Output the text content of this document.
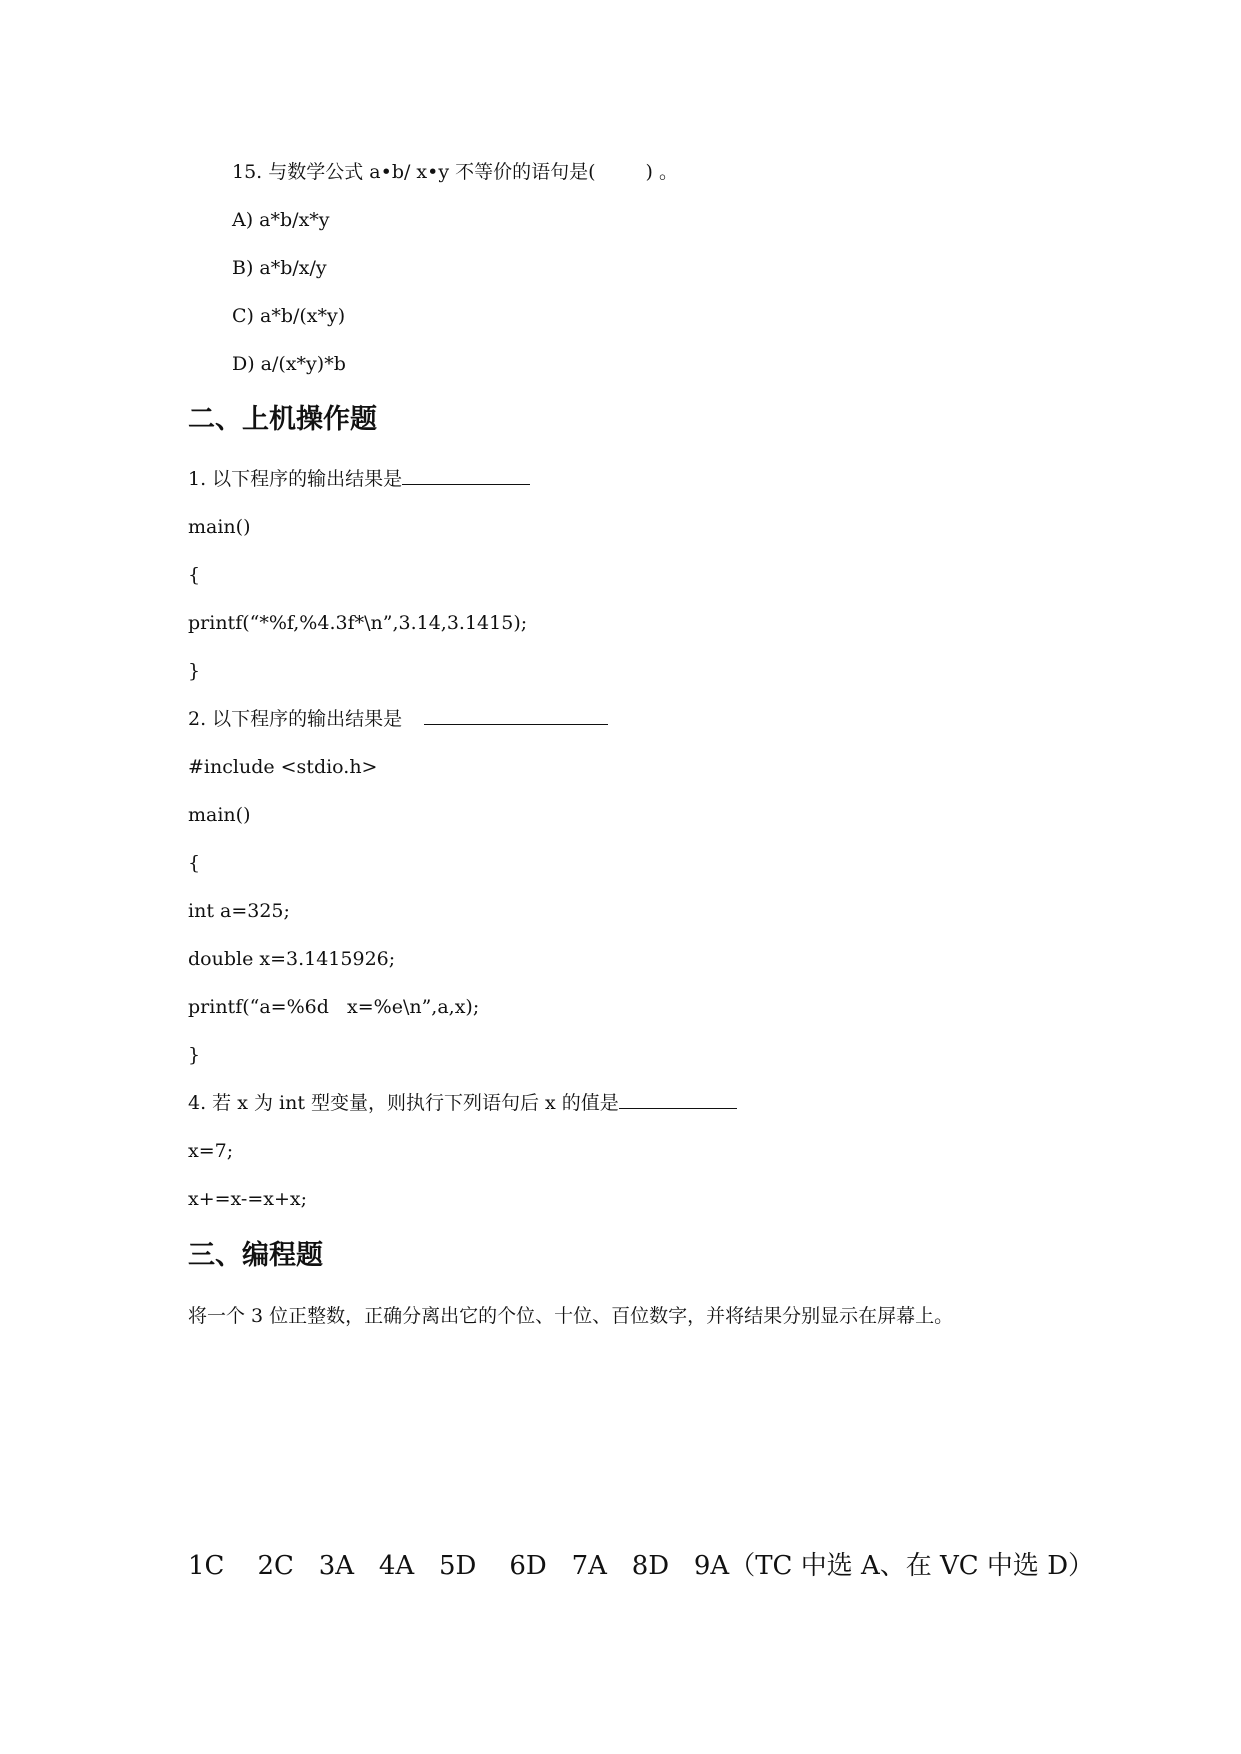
15. 与数学公式 a•b/ x•y 不等价的语句是(	) 。
A) a*b/x*y
B) a*b/x/y
C) a*b/(x*y)
D) a/(x*y)*b
二、上机操作题
1. 以下程序的输出结果是
main()
{
printf(“*%f,%4.3f*\n”,3.14,3.1415);
}
2. 以下程序的输出结果是
#include <stdio.h>
main()
{
int a=325;
double x=3.1415926;
printf(“a=%6d   x=%e\n”,a,x);
}
4. 若 x 为 int 型变量，则执行下列语句后 x 的值是
x=7;
x+=x-=x+x;
三、编程题
将一个 3 位正整数，正确分离出它的个位、十位、百位数字，并将结果分别显示在屏幕上。
1C    2C   3A   4A   5D    6D   7A   8D   9A（TC 中选 A、在 VC 中选 D）
